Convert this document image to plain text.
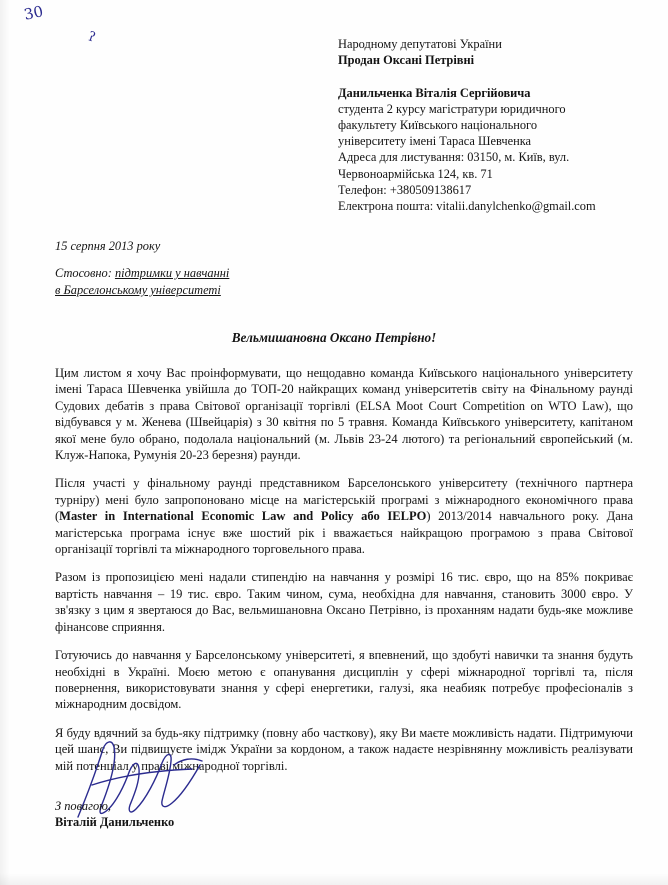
30
ʔ	Народному депутатові України
Продан Оксані Петрівні

Данильченка Віталія Сергійовича
студента 2 курсу магістратури юридичного
факультету Київського національного
університету імені Тараса Шевченка
Адреса для листування: 03150, м. Київ, вул.
Червоноармійська 124, кв. 71
Телефон: +380509138617
Електрона пошта: vitalii.danylchenko@gmail.com
15 серпня 2013 року
Стосовно: підтримки у навчанні
в Барселонському університеті
Вельмишановна Оксано Петрівно!

Цим листом я хочу Вас проінформувати, що нещодавно команда Київського національного університету імені Тараса Шевченка увійшла до ТОП-20 найкращих команд університетів світу на Фінальному раунді Судових дебатів з права Світової організації торгівлі (ELSA Moot Court Competition on WTO Law), що відбувався у м. Женева (Швейцарія) з 30 квітня по 5 травня. Команда Київського університету, капітаном якої мене було обрано, подолала національний (м. Львів 23-24 лютого) та регіональний європейський (м. Клуж-Напока, Румунія 20-23 березня) раунди.

Після участі у фінальному раунді представником Барселонського університету (технічного партнера турніру) мені було запропоновано місце на магістерській програмі з міжнародного економічного права (Master in International Economic Law and Policy або IELPO) 2013/2014 навчального року. Дана магістерська програма існує вже шостий рік і вважається найкращою програмою з права Світової організації торгівлі та міжнародного торговельного права.

Разом із пропозицією мені надали стипендію на навчання у розмірі 16 тис. євро, що на 85% покриває вартість навчання – 19 тис. євро. Таким чином, сума, необхідна для навчання, становить 3000 євро. У зв'язку з цим я звертаюся до Вас, вельмишановна Оксано Петрівно, із проханням надати будь-яке можливе фінансове сприяння.

Готуючись до навчання у Барселонському університеті, я впевнений, що здобуті навички та знання будуть необхідні в Україні. Моєю метою є опанування дисциплін у сфері міжнародної торгівлі та, після повернення, використовувати знання у сфері енергетики, галузі, яка неабияк потребує професіоналів з міжнародним досвідом.

Я буду вдячний за будь-яку підтримку (повну або часткову), яку Ви маєте можливість надати. Підтримуючи цей шанс, Ви підвищуєте імідж України за кордоном, а також надаєте незрівнянну можливість реалізувати мій потенціал у праві міжнародної торгівлі.

З повагою,
Віталій Данильченко
